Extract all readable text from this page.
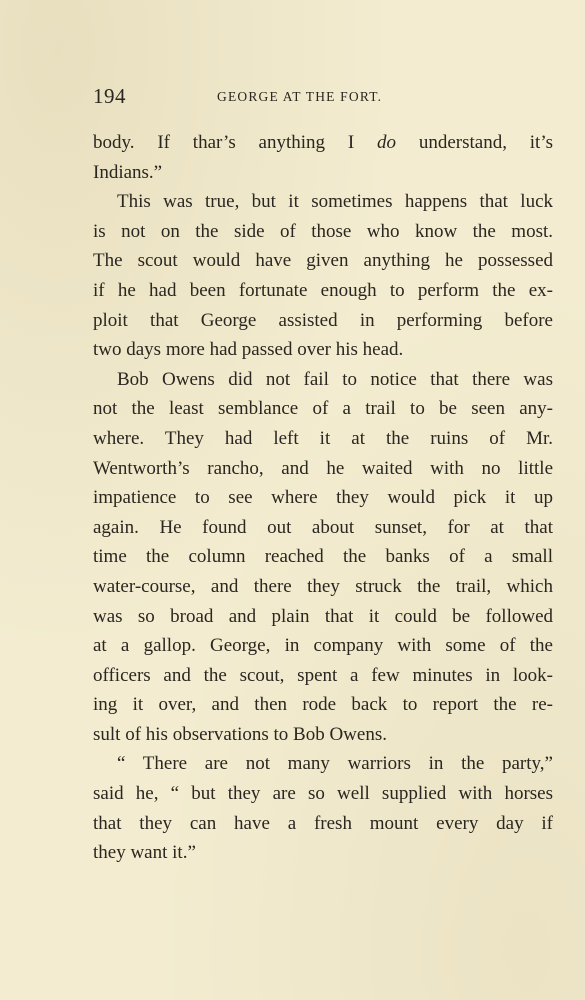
194	GEORGE AT THE FORT.
body. If thar’s anything I do understand, it’s
Indians.”
This was true, but it sometimes happens that luck
is not on the side of those who know the most.
The scout would have given anything he possessed
if he had been fortunate enough to perform the ex-
ploit that George assisted in performing before
two days more had passed over his head.
Bob Owens did not fail to notice that there was
not the least semblance of a trail to be seen any-
where. They had left it at the ruins of Mr.
Wentworth’s rancho, and he waited with no little
impatience to see where they would pick it up
again. He found out about sunset, for at that
time the column reached the banks of a small
water-course, and there they struck the trail, which
was so broad and plain that it could be followed
at a gallop. George, in company with some of the
officers and the scout, spent a few minutes in look-
ing it over, and then rode back to report the re-
sult of his observations to Bob Owens.
“ There are not many warriors in the party,”
said he, “ but they are so well supplied with horses
that they can have a fresh mount every day if
they want it.”
